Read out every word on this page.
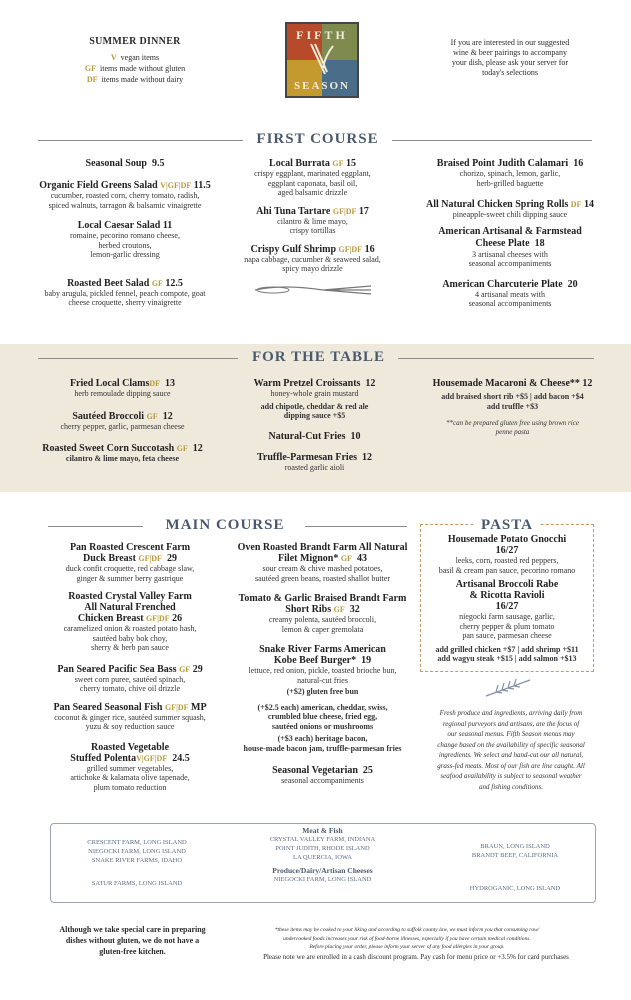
SUMMER DINNER
V vegan items
GF items made without gluten
DF items made without dairy
FIFTH
SEASON
If you are interested in our suggested
wine & beer pairings to accompany
your dish, please ask your server for
today's selections
FIRST COURSE
Seasonal Soup 9.5
Organic Field Greens Salad V|GF|DF 11.5
cucumber, roasted corn, cherry tomato, radish,
spiced walnuts, tarragon & balsamic vinaigrette
Local Caesar Salad 11
romaine, pecorino romano cheese,
herbed croutons,
lemon-garlic dressing
Roasted Beet Salad GF 12.5
baby arugula, pickled fennel, peach compote, goat
cheese croquette, sherry vinaigrette
Local Burrata GF 15
crispy eggplant, marinated eggplant,
eggplant caponata, basil oil,
aged balsamic drizzle
Ahi Tuna Tartare GF|DF 17
cilantro & lime mayo,
crispy tortillas
Crispy Gulf Shrimp GF|DF 16
napa cabbage, cucumber & seaweed salad,
spicy mayo drizzle
Braised Point Judith Calamari 16
chorizo, spinach, lemon, garlic,
herb-grilled baguette
All Natural Chicken Spring Rolls DF 14
pineapple-sweet chili dipping sauce
American Artisanal & Farmstead Cheese Plate 18
3 artisanal cheeses with
seasonal accompaniments
American Charcuterie Plate 20
4 artisanal meats with
seasonal accompaniments
FOR THE TABLE
Fried Local ClamsDF 13
herb remoulade dipping sauce
Sautéed Broccoli GF 12
cherry pepper, garlic, parmesan cheese
Roasted Sweet Corn Succotash GF 12
cilantro & lime mayo, feta cheese
Warm Pretzel Croissants 12
honey-whole grain mustard
add chipotle, cheddar & red ale
dipping sauce +$5
Natural-Cut Fries 10
Truffle-Parmesan Fries 12
roasted garlic aioli
Housemade Macaroni & Cheese** 12
add braised short rib +$5 | add bacon +$4
add truffle +$3
**can be prepared gluten free using brown rice
penne pasta
MAIN COURSE
Pan Roasted Crescent Farm
Duck Breast GF|DF 29
duck confit croquette, red cabbage slaw,
ginger & summer berry gastrique
Roasted Crystal Valley Farm
All Natural Frenched
Chicken Breast GF|DF 26
caramelized onion & roasted potato hash,
sautéed baby bok choy,
sherry & herb pan sauce
Pan Seared Pacific Sea Bass GF 29
sweet corn puree, sautéed spinach,
cherry tomato, chive oil drizzle
Pan Seared Seasonal Fish GF|DF MP
coconut & ginger rice, sautéed summer squash,
yuzu & soy reduction sauce
Roasted Vegetable
Stuffed PolentaV|GF|DF 24.5
grilled summer vegetables,
artichoke & kalamata olive tapenade,
plum tomato reduction
Oven Roasted Brandt Farm All Natural
Filet Mignon* GF 43
sour cream & chive mashed potatoes,
sautéed green beans, roasted shallot butter
Tomato & Garlic Braised Brandt Farm
Short Ribs GF 32
creamy polenta, sautéed broccoli,
lemon & caper gremolata
Snake River Farms American
Kobe Beef Burger* 19
lettuce, red onion, pickle, toasted brioche bun,
natural-cut fries
(+$2) gluten free bun
(+$2.5 each) american, cheddar, swiss,
crumbled blue cheese, fried egg,
sautéed onions or mushrooms
(+$3 each) heritage bacon,
house-made bacon jam, truffle-parmesan fries
Seasonal Vegetarian 25
seasonal accompaniments
PASTA
Housemade Potato Gnocchi
16/27
leeks, corn, roasted red peppers,
basil & cream pan sauce, pecorino romano
Artisanal Broccoli Rabe
& Ricotta Ravioli
16/27
niegocki farm sausage, garlic,
cherry pepper & plum tomato
pan sauce, parmesan cheese
add grilled chicken +$7 | add shrimp +$11
add wagyu steak +$15 | add salmon +$13
Fresh produce and ingredients, arriving daily from
regional purveyors and artisans, are the focus of
our seasonal menus. Fifth Season menus may
change based on the availability of specific seasonal
ingredients. We select and hand-cut our all natural,
grass-fed meats. Most of our fish are line caught. All
seafood availability is subject to seasonal weather
and fishing conditions.
CRESCENT FARM, LONG ISLAND
NIEGOCKI FARM, LONG ISLAND
SNAKE RIVER FARMS, IDAHO
SATUR FARMS, LONG ISLAND
Meat & Fish
CRYSTAL VALLEY FARM, INDIANA
POINT JUDITH, RHODE ISLAND
LA QUERCIA, IOWA
Produce/Dairy/Artisan Cheeses
NIEGOCKI FARM, LONG ISLAND
BRAUN, LONG ISLAND
BRANDT BEEF, CALIFORNIA
HYDROGANIC, LONG ISLAND
Although we take special care in preparing
dishes without gluten, we do not have a
gluten-free kitchen.
*these items may be cooked to your liking and according to suffolk county law, we must inform you that consuming raw/
undercooked foods increases your risk of food-borne illnesses, especially if you have certain medical conditions.
Before placing your order, please inform your server of any food allergies in your group.
Please note we are enrolled in a cash discount program. Pay cash for menu price or +3.5% for card purchases
